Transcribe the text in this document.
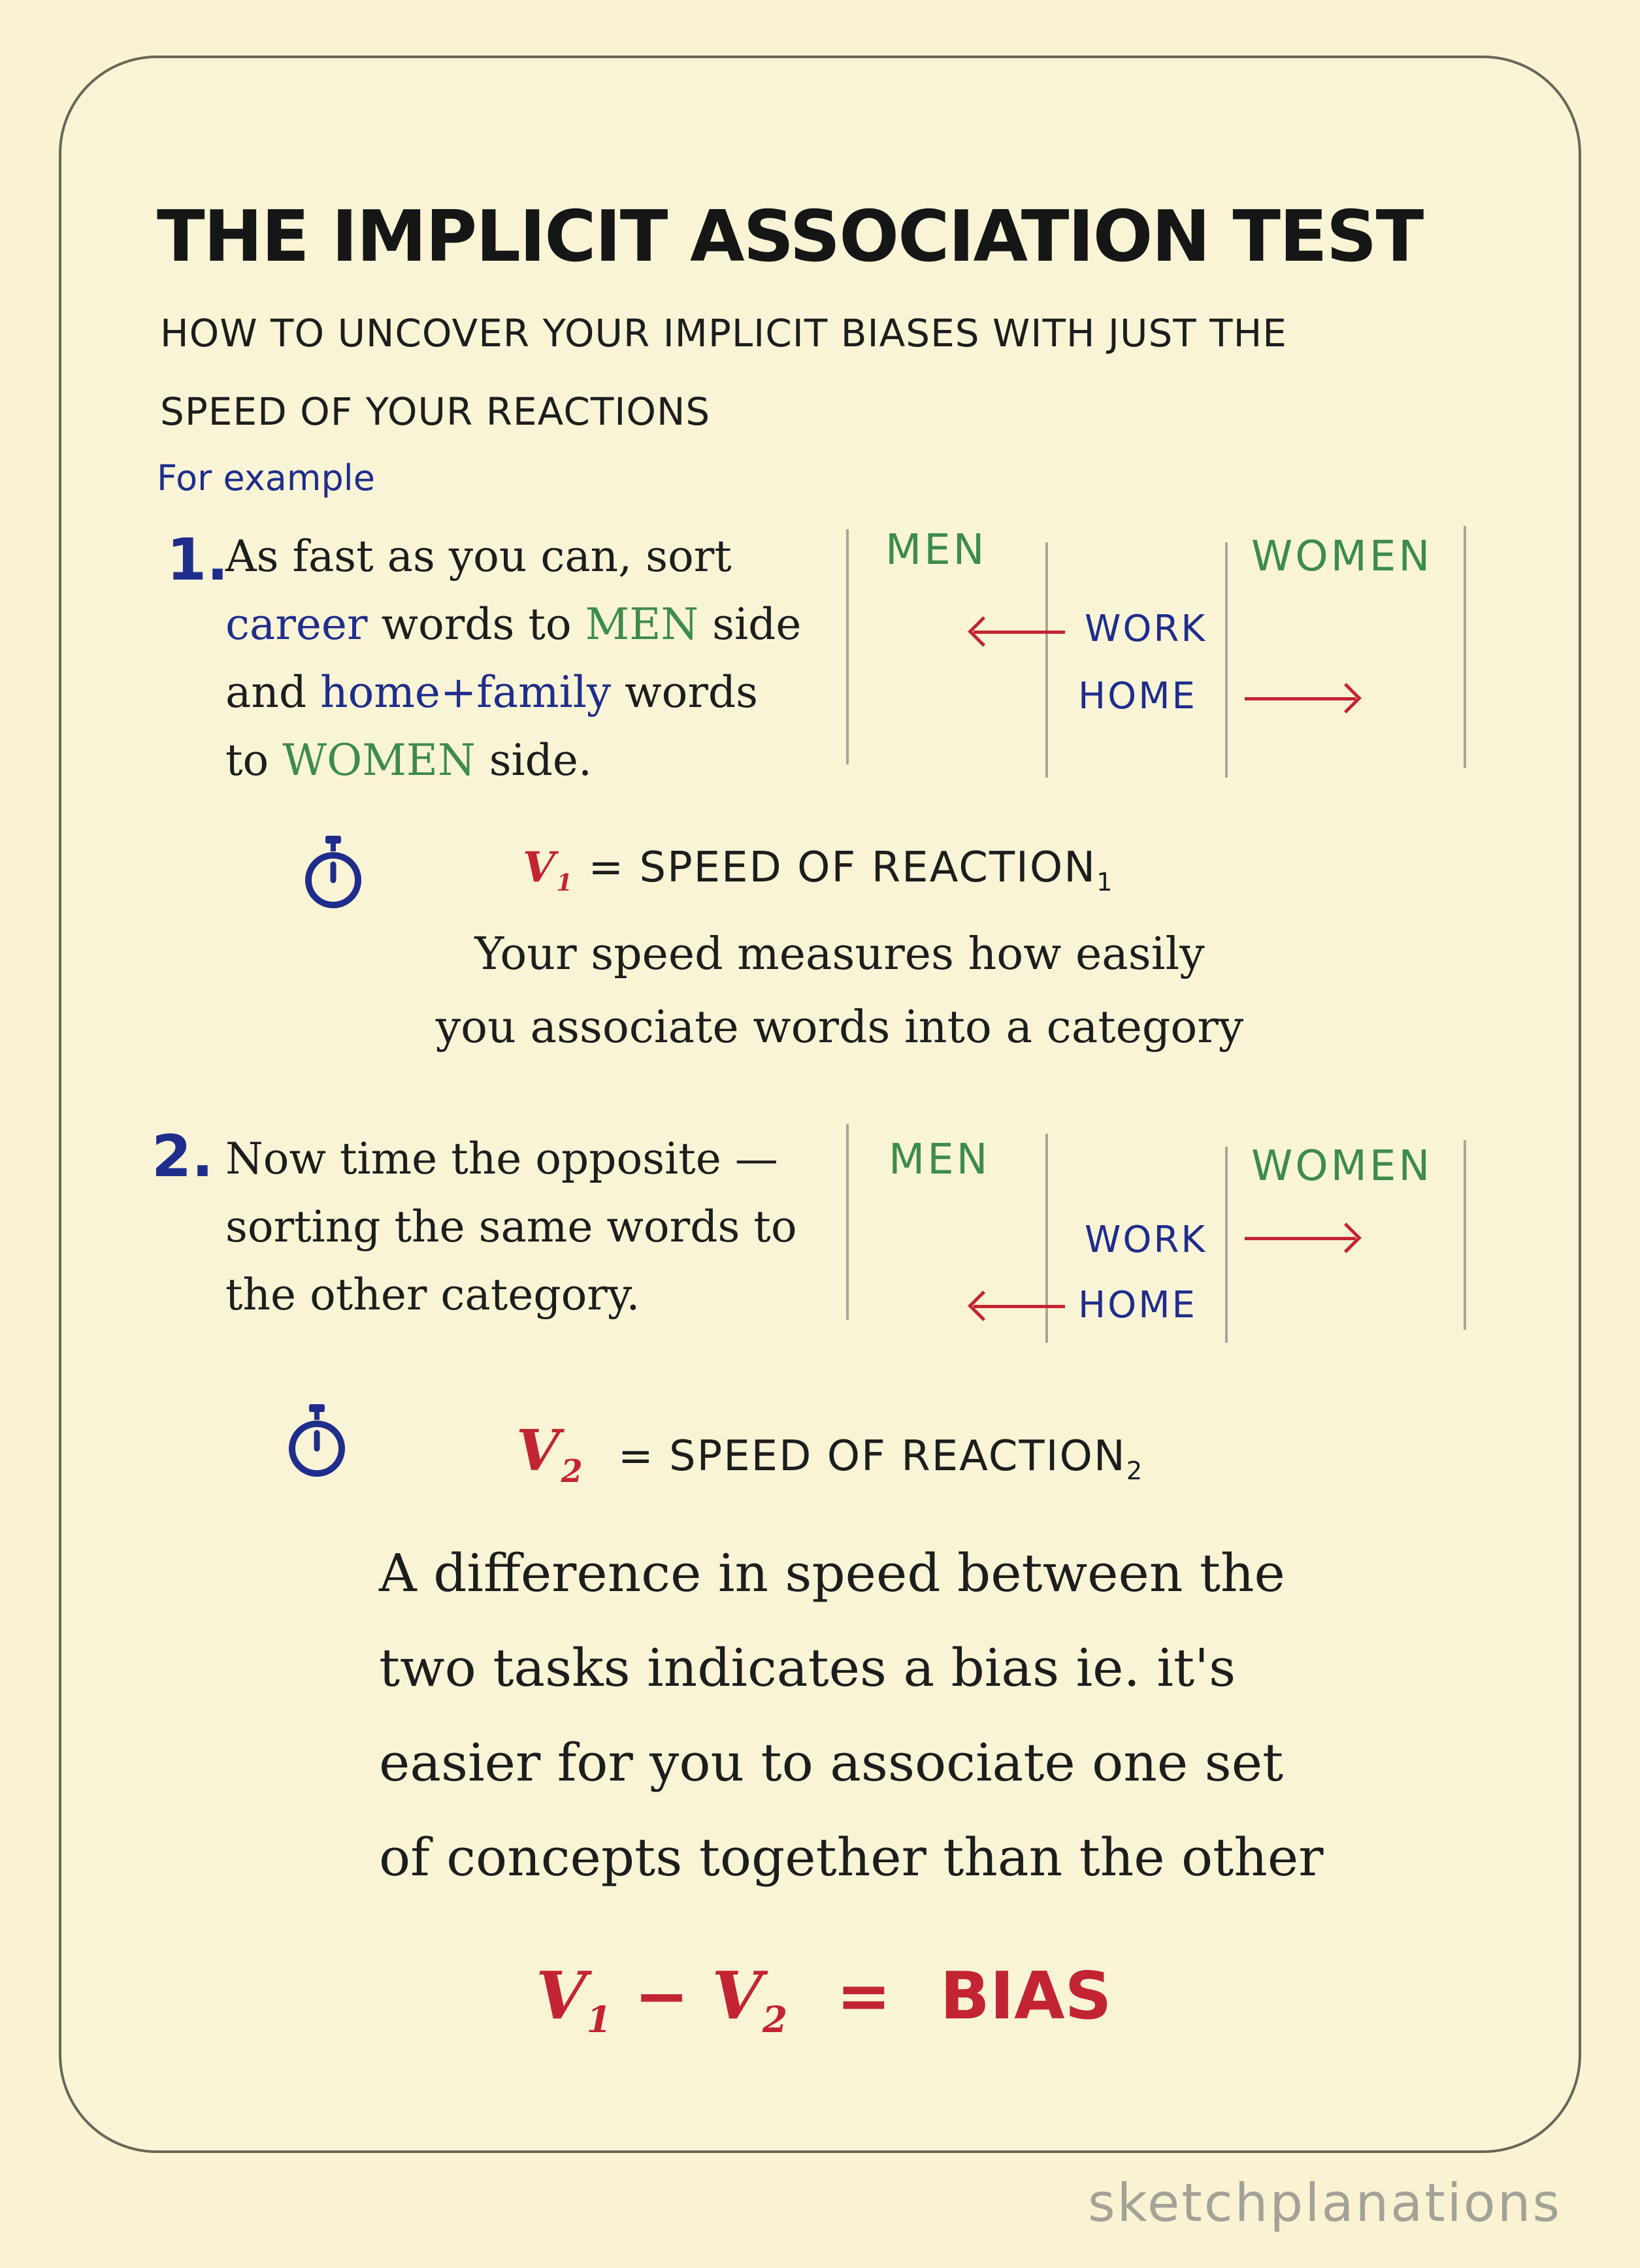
THE IMPLICIT ASSOCIATION TEST
HOW TO UNCOVER YOUR IMPLICIT BIASES WITH JUST THE SPEED OF YOUR REACTIONS
For example
1.
As fast as you can, sort
career words to MEN side
and home+family words
to WOMEN side.
MEN	WOMEN
WORK
HOME
$V_1$ = SPEED OF $REACTION_1$
Your speed measures how easily
you associate words into a category
2. Now time the opposite —
sorting the same words to
the other category.
MEN	WOMEN
WORK
HOME
$V_2$ = SPEED OF $REACTION_2$
A difference in speed between the
two tasks indicates a bias ie. it's
easier for you to associate one set
of concepts together than the other
$V_1 - V_2$ = BIAS
sketchplanations
